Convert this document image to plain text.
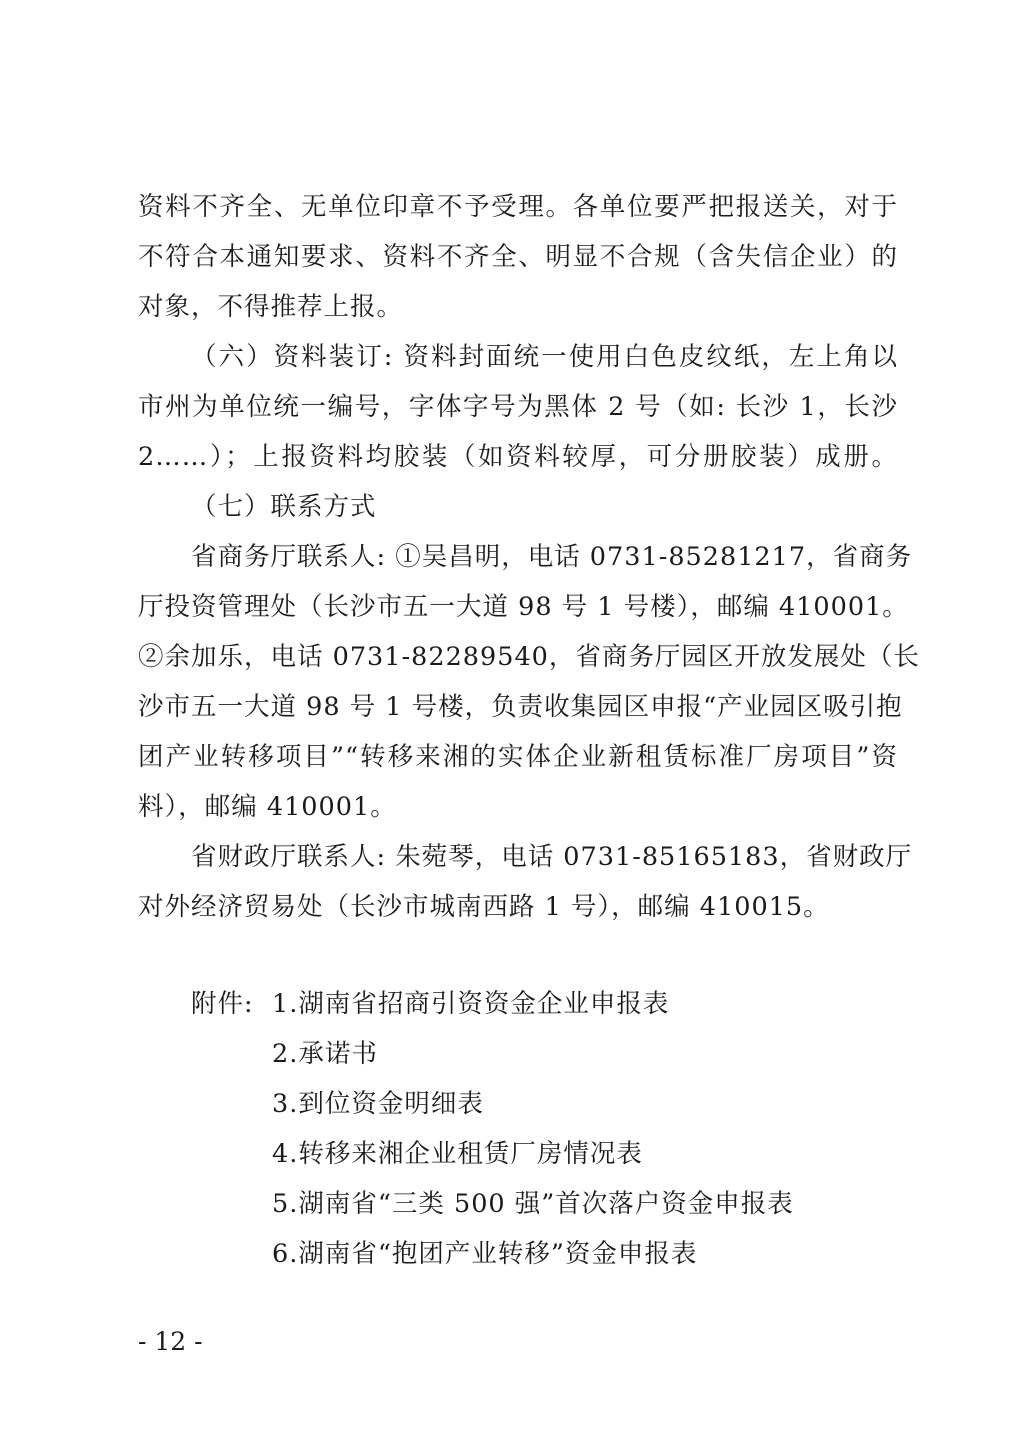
资料不齐全、无单位印章不予受理。各单位要严把报送关，对于
不符合本通知要求、资料不齐全、明显不合规（含失信企业）的
对象，不得推荐上报。
（六）资料装订: 资料封面统一使用白色皮纹纸，左上角以
市州为单位统一编号，字体字号为黑体 2 号（如: 长沙 1，长沙
2……）；上报资料均胶装（如资料较厚，可分册胶装）成册。
（七）联系方式
省商务厅联系人: ①吴昌明，电话 0731-85281217，省商务
厅投资管理处（长沙市五一大道 98 号 1 号楼），邮编 410001。
②余加乐，电话 0731-82289540，省商务厅园区开放发展处（长
沙市五一大道 98 号 1 号楼，负责收集园区申报“产业园区吸引抱
团产业转移项目”“转移来湘的实体企业新租赁标准厂房项目”资
料），邮编 410001。
省财政厅联系人: 朱菀琴，电话 0731-85165183，省财政厅
对外经济贸易处（长沙市城南西路 1 号），邮编 410015。
附件: 1.湖南省招商引资资金企业申报表
2.承诺书
3.到位资金明细表
4.转移来湘企业租赁厂房情况表
5.湖南省“三类 500 强”首次落户资金申报表
6.湖南省“抱团产业转移”资金申报表
- 12 -
